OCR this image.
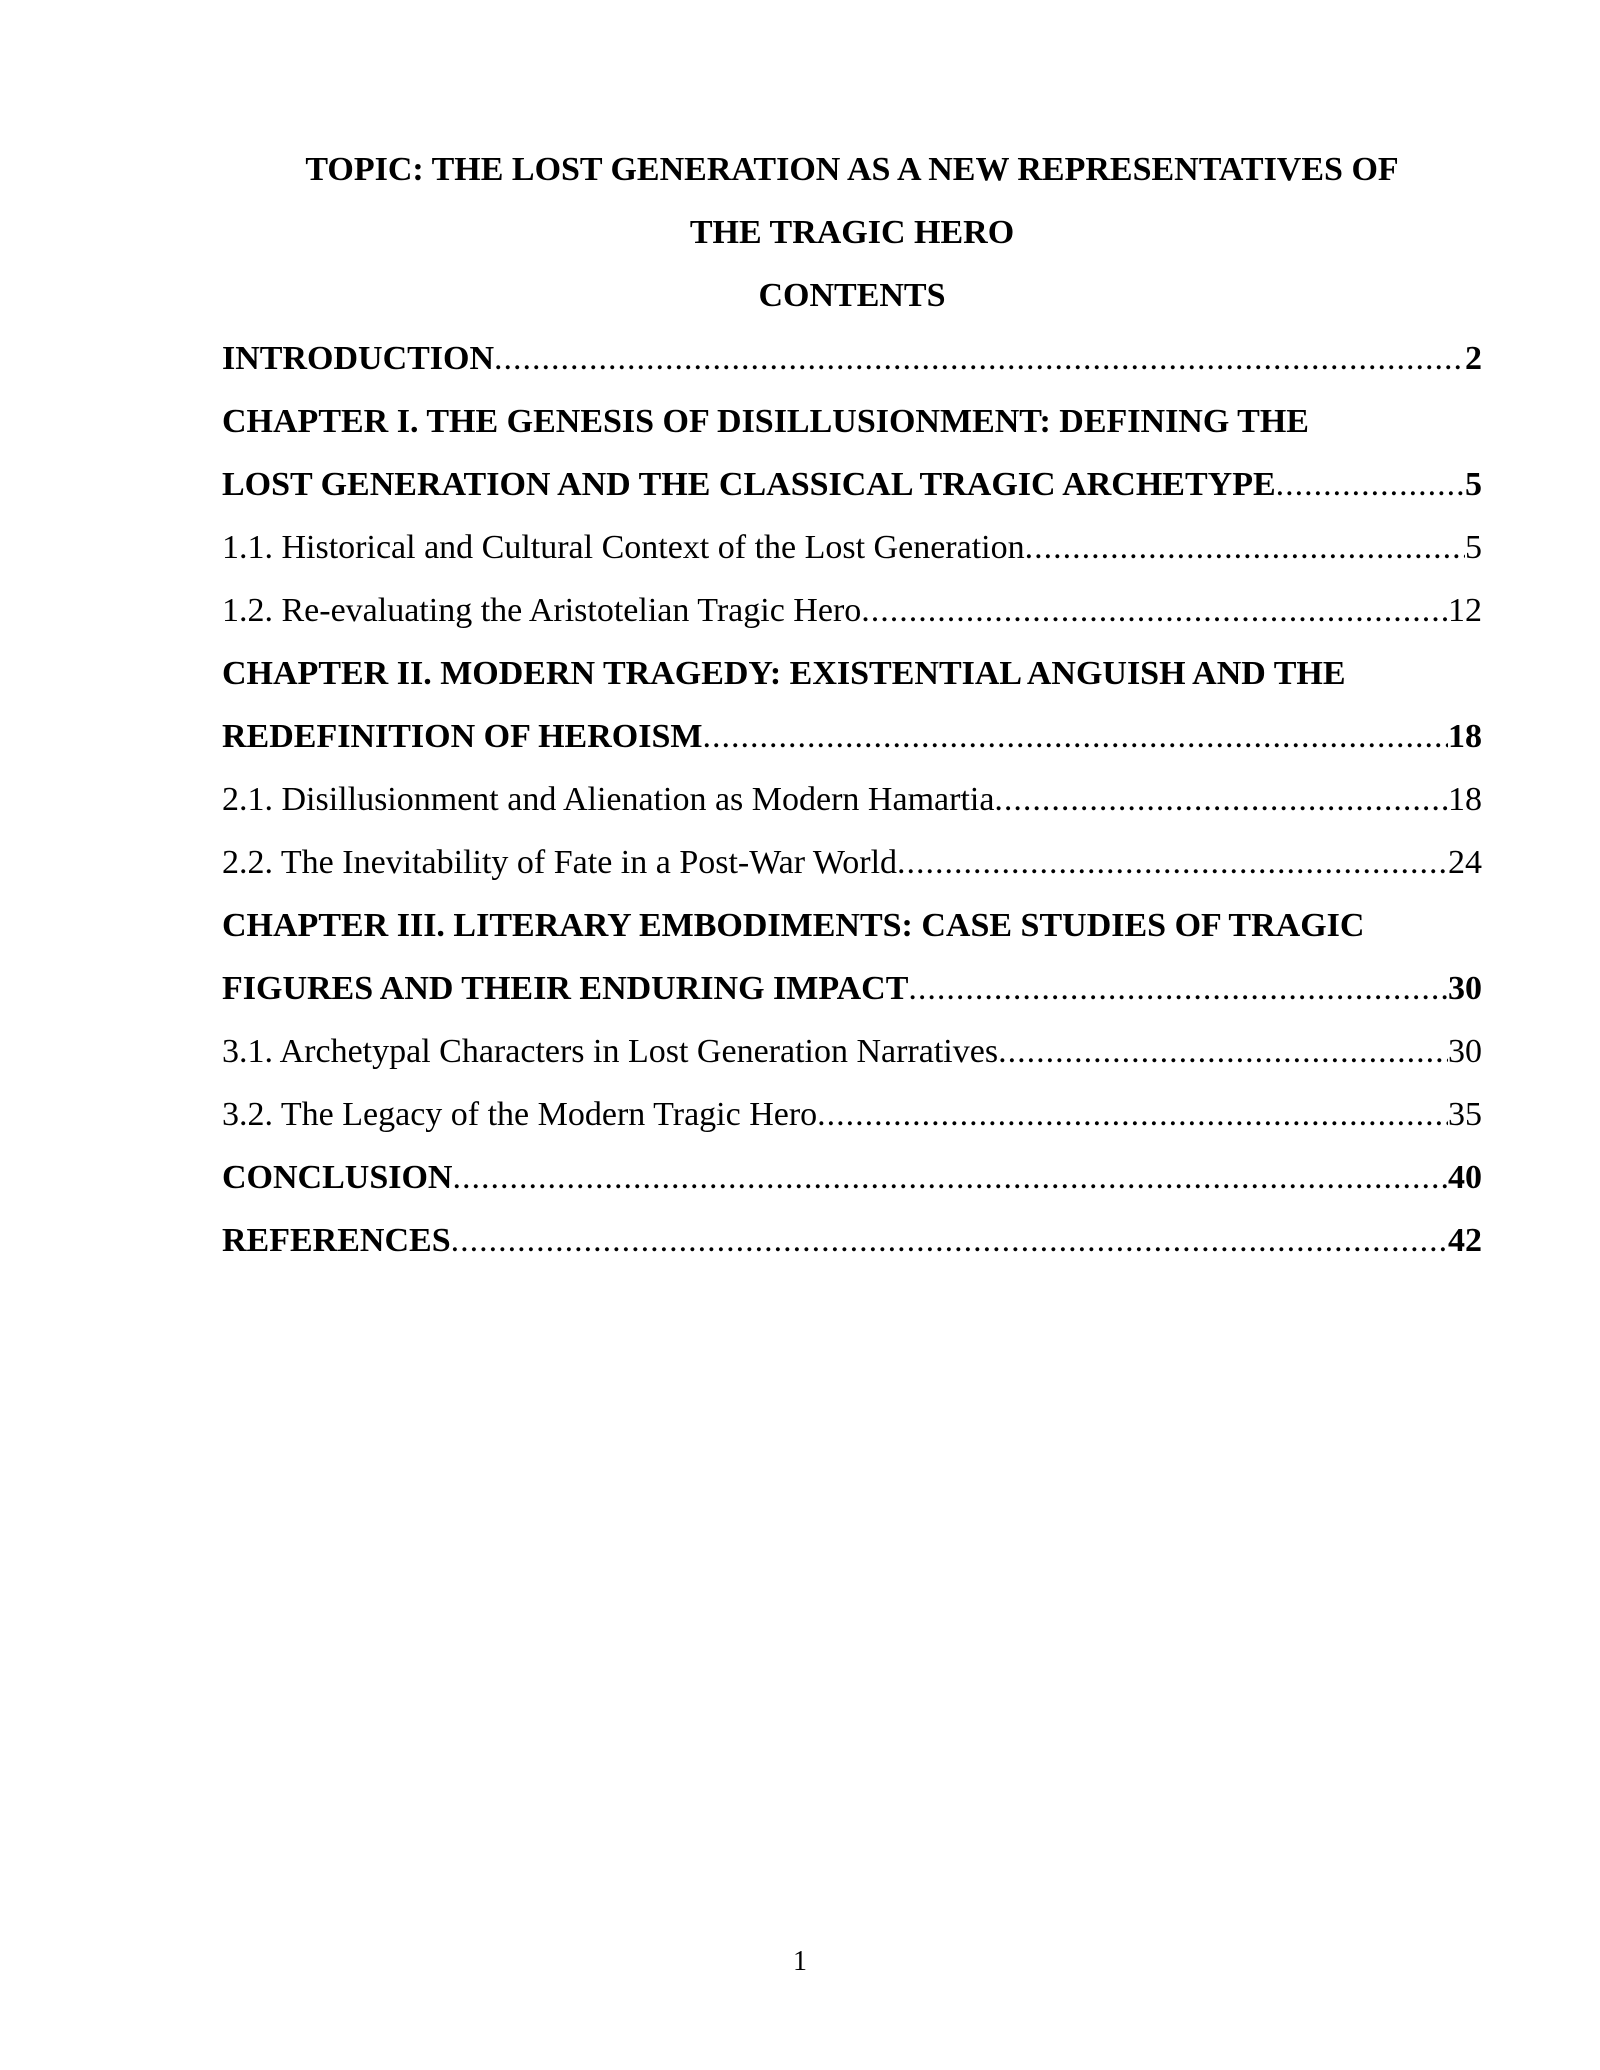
TOPIC: THE LOST GENERATION AS A NEW REPRESENTATIVES OF
THE TRAGIC HERO
CONTENTS
INTRODUCTION .....	2
CHAPTER I. THE GENESIS OF DISILLUSIONMENT: DEFINING THE
LOST GENERATION AND THE CLASSICAL TRAGIC ARCHETYPE .....	5
1.1. Historical and Cultural Context of the Lost Generation .....	5
1.2. Re-evaluating the Aristotelian Tragic Hero .....	12
CHAPTER II. MODERN TRAGEDY: EXISTENTIAL ANGUISH AND THE
REDEFINITION OF HEROISM .....	18
2.1. Disillusionment and Alienation as Modern Hamartia .....	18
2.2. The Inevitability of Fate in a Post-War World .....	24
CHAPTER III. LITERARY EMBODIMENTS: CASE STUDIES OF TRAGIC
FIGURES AND THEIR ENDURING IMPACT .....	30
3.1. Archetypal Characters in Lost Generation Narratives .....	30
3.2. The Legacy of the Modern Tragic Hero .....	35
CONCLUSION .....	40
REFERENCES .....	42
1
